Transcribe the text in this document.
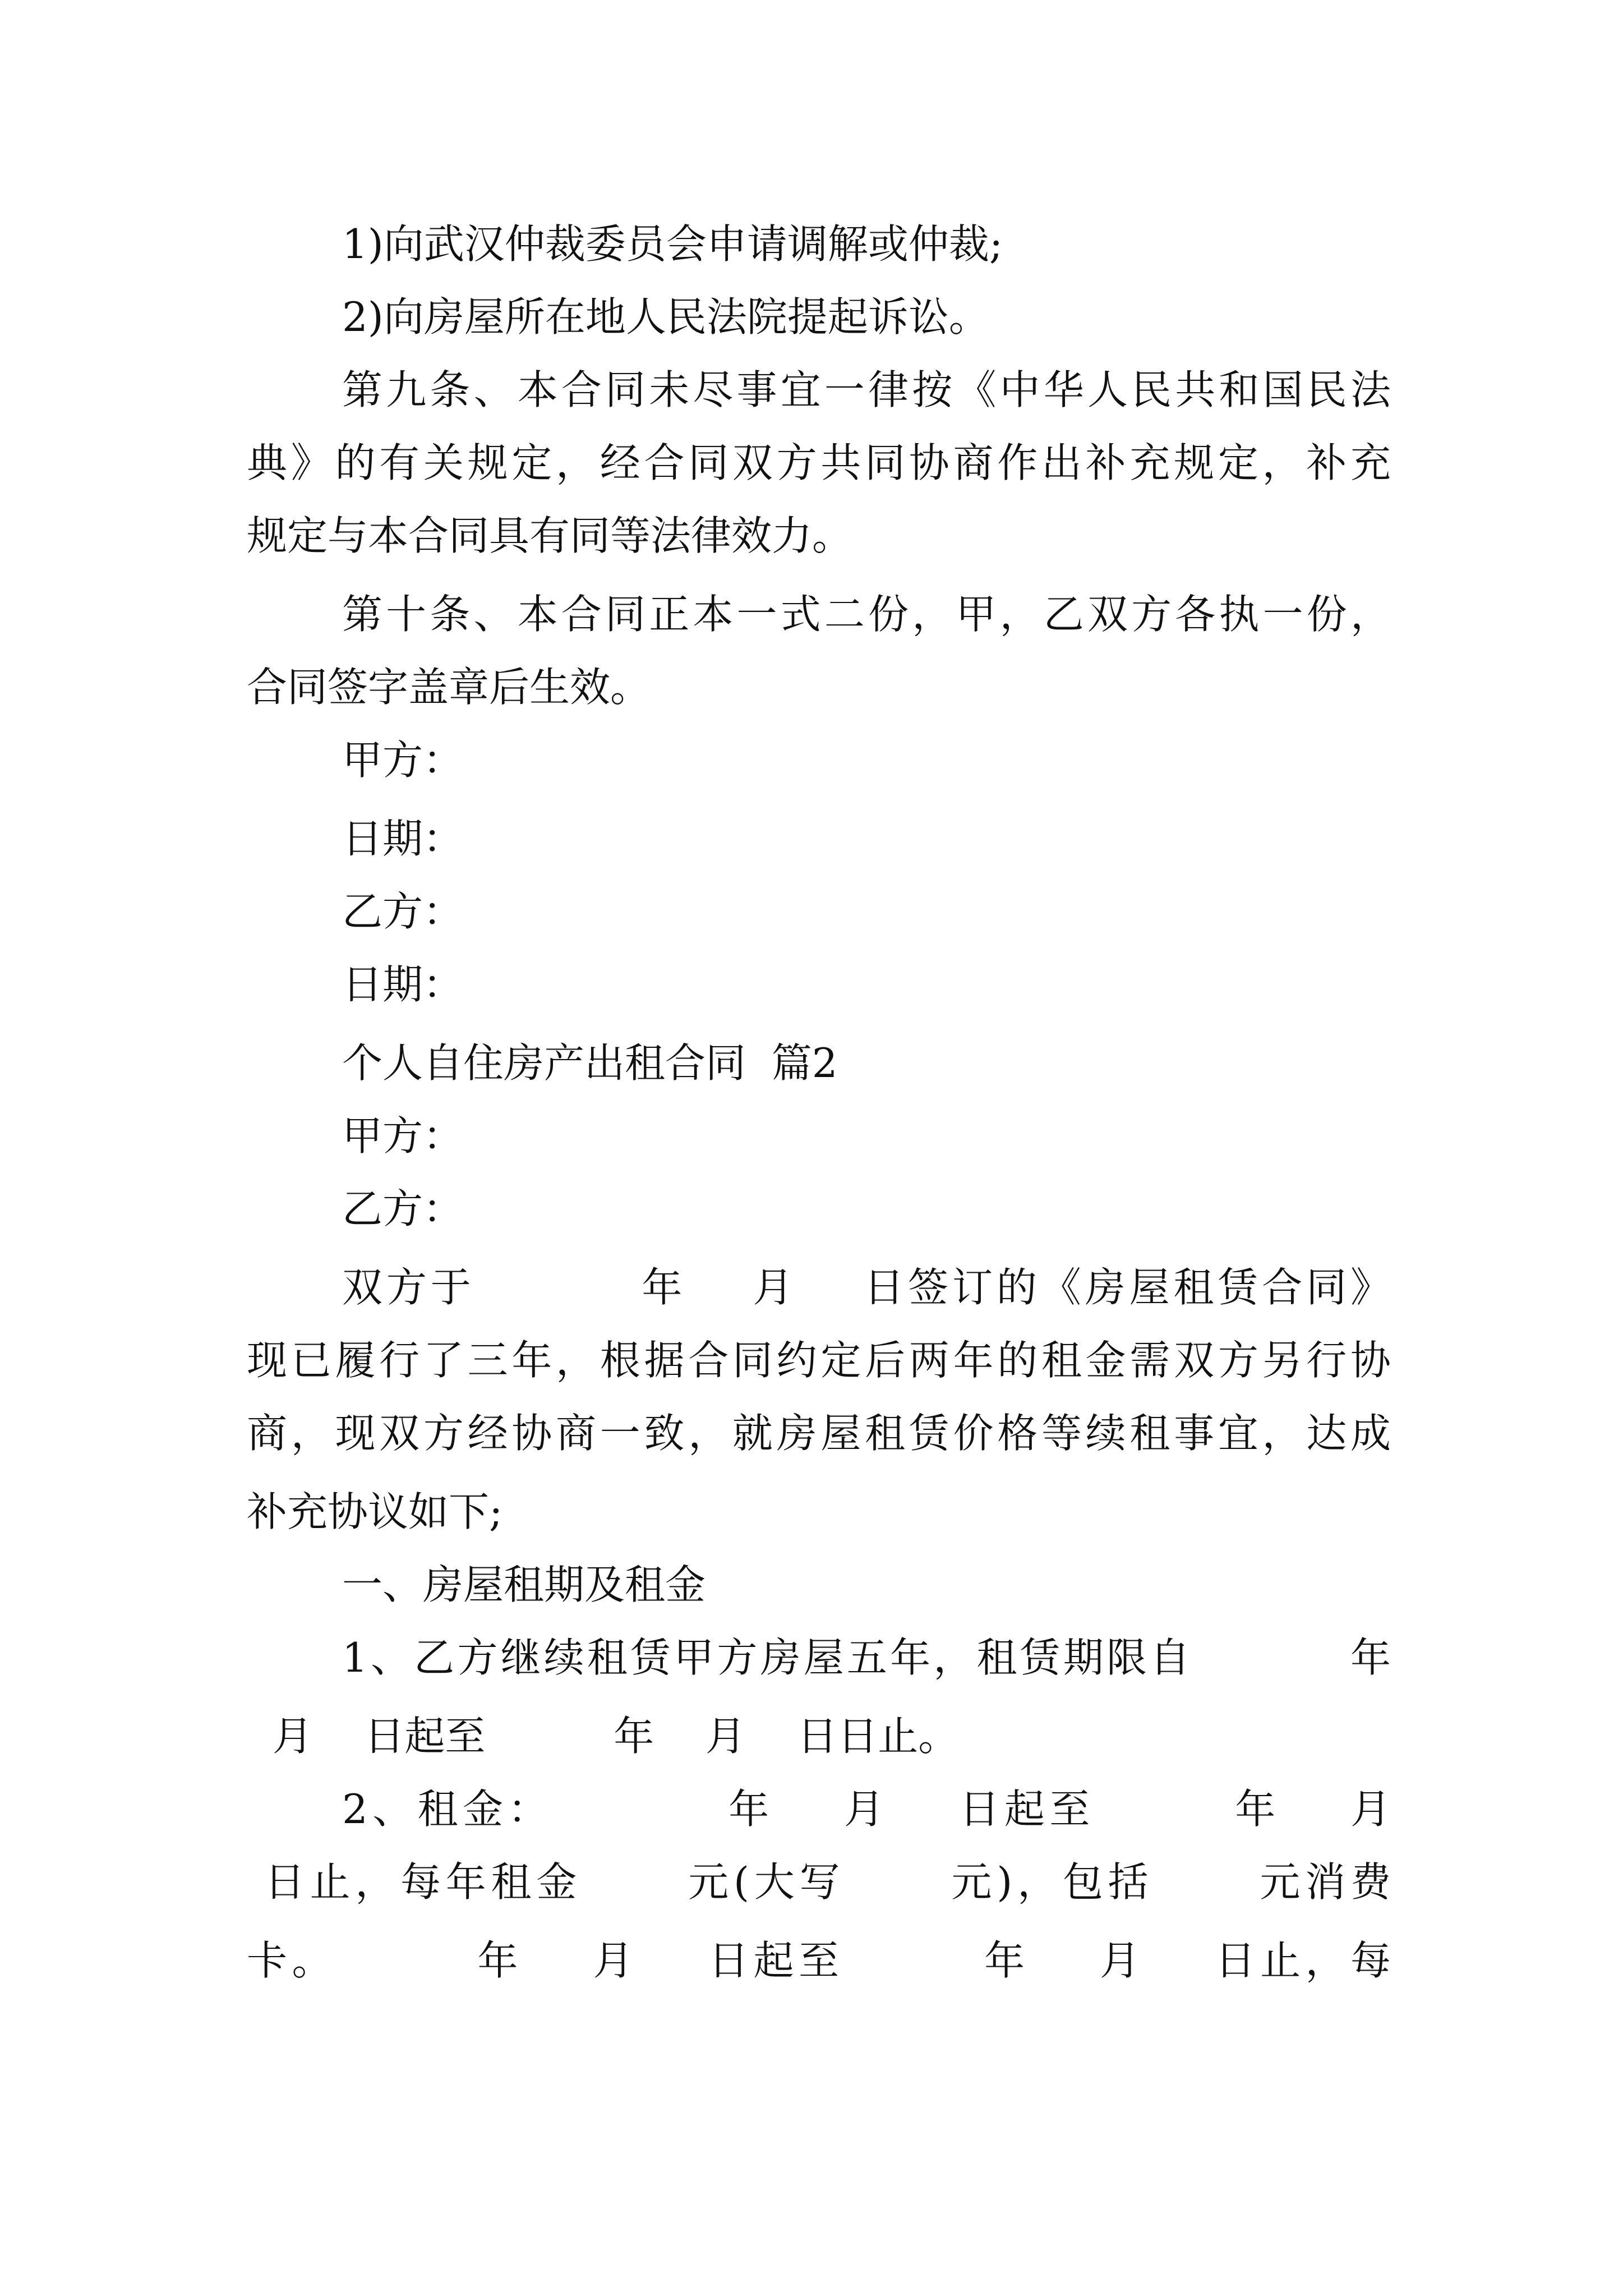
1)向武汉仲裁委员会申请调解或仲裁;

2)向房屋所在地人民法院提起诉讼。

第九条、本合同未尽事宜一律按《中华人民共和国民法

典》的有关规定，经合同双方共同协商作出补充规定，补充

规定与本合同具有同等法律效力。

第十条、本合同正本一式二份，甲，乙双方各执一份，

合同签字盖章后生效。

甲方：

日期：

乙方：

日期：

个人自住房产出租合同  篇2

甲方：

乙方：

双方于          年    月    日签订的《房屋租赁合同》

现已履行了三年，根据合同约定后两年的租金需双方另行协

商，现双方经协商一致，就房屋租赁价格等续租事宜，达成

补充协议如下;

一、房屋租期及租金

1、乙方继续租赁甲方房屋五年，租赁期限自          年

月    日起至          年    月    日日止。

2、租金：          年    月    日起至        年    月

日止，每年租金      元(大写      元)，包括      元消费

卡。        年    月    日起至        年    月    日止，每
